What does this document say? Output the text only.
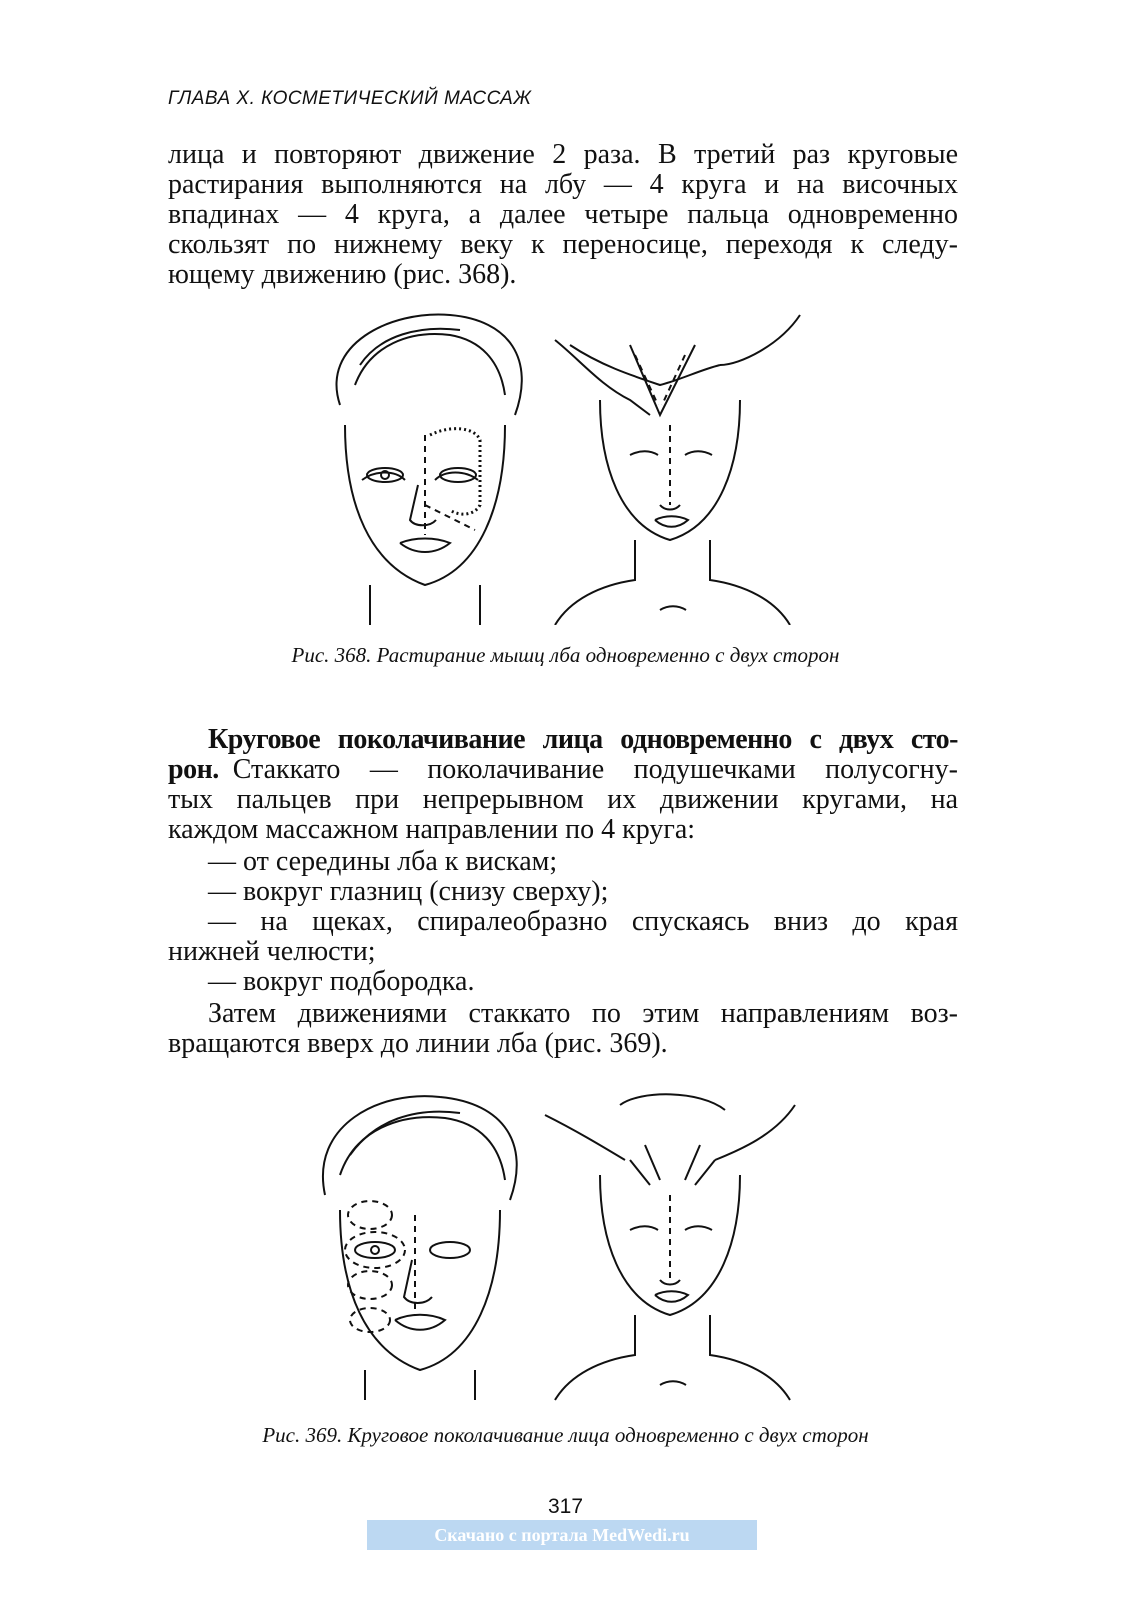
ГЛАВА X. КОСМЕТИЧЕСКИЙ МАССАЖ
лица и повторяют движение 2 раза. В третий раз круговые
растирания выполняются на лбу — 4 круга и на височных
впадинах — 4 круга, а далее четыре пальца одновременно
скользят по нижнему веку к переносице, переходя к следу-
ющему движению (рис. 368).
Рис. 368. Растирание мышц лба одновременно с двух сторон
Круговое поколачивание лица одновременно с двух сто-
рон. Стаккато — поколачивание подушечками полусогну-
тых пальцев при непрерывном их движении кругами, на
каждом массажном направлении по 4 круга:
— от середины лба к вискам;
— вокруг глазниц (снизу сверху);
— на щеках, спиралеобразно спускаясь вниз до края
нижней челюсти;
— вокруг подбородка.
Затем движениями стаккато по этим направлениям воз-
вращаются вверх до линии лба (рис. 369).
Рис. 369. Круговое поколачивание лица одновременно с двух сторон
317
Скачано с портала MedWedi.ru
